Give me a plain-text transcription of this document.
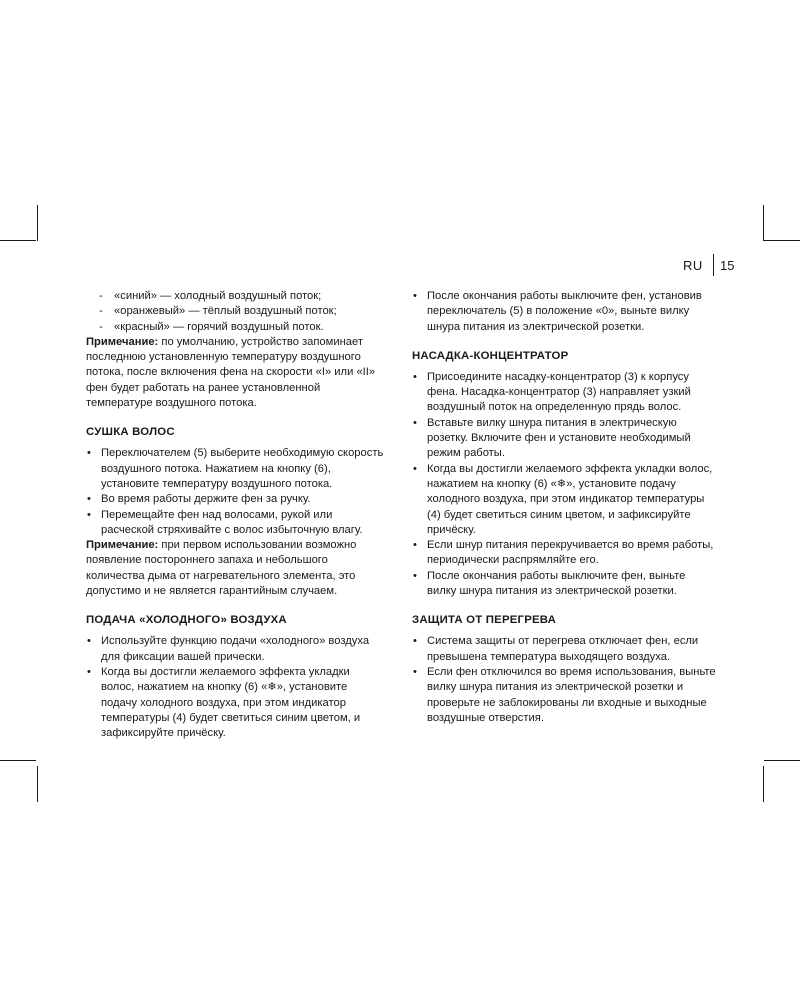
RU 15

- «синий» — холодный воздушный поток;

- «оранжевый» — тёплый воздушный поток;

- «красный» — горячий воздушный поток.

Примечание: по умолчанию, устройство запоминает последнюю установленную температуру воздушного потока, после включения фена на скорости «I» или «II» фен будет работать на ранее установленной температуре воздушного потока.

СУШКА ВОЛОС

• Переключателем (5) выберите необходимую скорость воздушного потока. Нажатием на кнопку (6), установите температуру воздушного потока.

• Во время работы держите фен за ручку.

• Перемещайте фен над волосами, рукой или расческой стряхивайте с волос избыточную влагу.

Примечание: при первом использовании возможно появление постороннего запаха и небольшого количества дыма от нагревательного элемента, это допустимо и не является гарантийным случаем.

ПОДАЧА «ХОЛОДНОГО» ВОЗДУХА

• Используйте функцию подачи «холодного» воздуха для фиксации вашей прически.

• Когда вы достигли желаемого эффекта укладки волос, нажатием на кнопку (6) «❄», установите подачу холодного воздуха, при этом индикатор температуры (4) будет светиться синим цветом, и зафиксируйте причёску.

• После окончания работы выключите фен, установив переключатель (5) в положение «0», выньте вилку шнура питания из электрической розетки.

НАСАДКА-КОНЦЕНТРАТОР

• Присоедините насадку-концентратор (3) к корпусу фена. Насадка-концентратор (3) направляет узкий воздушный поток на определенную прядь волос.

• Вставьте вилку шнура питания в электрическую розетку. Включите фен и установите необходимый режим работы.

• Когда вы достигли желаемого эффекта укладки волос, нажатием на кнопку (6) «❄», установите подачу холодного воздуха, при этом индикатор температуры (4) будет светиться синим цветом, и зафиксируйте причёску.

• Если шнур питания перекручивается во время работы, периодически распрямляйте его.

• После окончания работы выключите фен, выньте вилку шнура питания из электрической розетки.

ЗАЩИТА ОТ ПЕРЕГРЕВА

• Система защиты от перегрева отключает фен, если превышена температура выходящего воздуха.

• Если фен отключился во время использования, выньте вилку шнура питания из электрической розетки и проверьте не заблокированы ли входные и выходные воздушные отверстия.
